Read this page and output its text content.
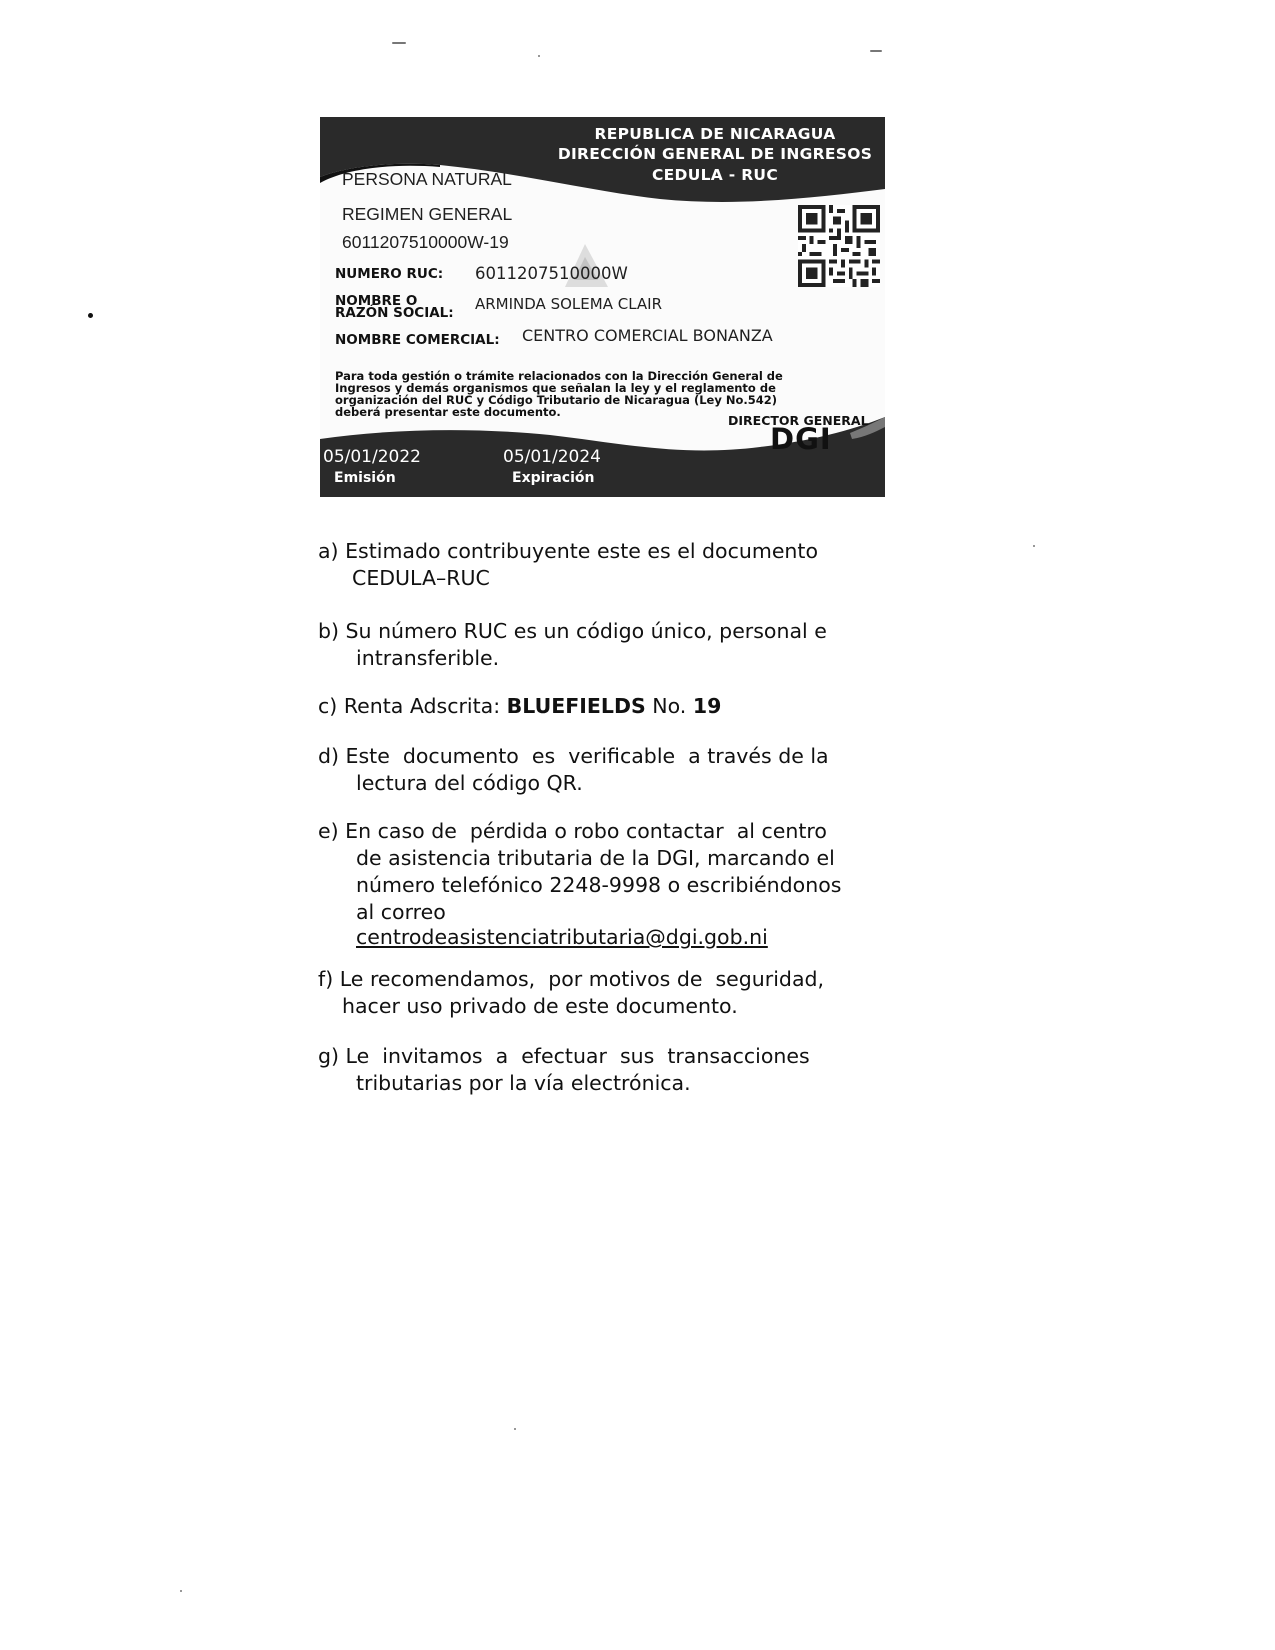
REPUBLICA DE NICARAGUA
DIRECCIÓN GENERAL DE INGRESOS
CEDULA - RUC
PERSONA NATURAL
REGIMEN GENERAL
6011207510000W-19
NUMERO RUC: 6011207510000W
NOMBRE O
RAZÓN SOCIAL: ARMINDA SOLEMA CLAIR
NOMBRE COMERCIAL: CENTRO COMERCIAL BONANZA
Para toda gestión o trámite relacionados con la Dirección General de Ingresos y demás organismos que señalan la ley y el reglamento de organización del RUC y Código Tributario de Nicaragua (Ley No.542) deberá presentar este documento.
DIRECTOR GENERAL
DGI
05/01/2022
Emisión
05/01/2024
Expiración
a) Estimado contribuyente este es el documento
CEDULA–RUC
b) Su número RUC es un código único, personal e
intransferible.
c) Renta Adscrita: BLUEFIELDS No. 19
d) Este  documento  es  verificable  a través de la
lectura del código QR.
e) En caso de  pérdida o robo contactar  al centro
de asistencia tributaria de la DGI, marcando el
número telefónico 2248-9998 o escribiéndonos
al correo
centrodeasistenciatributaria@dgi.gob.ni
f) Le recomendamos,  por motivos de  seguridad,
hacer uso privado de este documento.
g) Le  invitamos  a  efectuar  sus  transacciones
tributarias por la vía electrónica.
